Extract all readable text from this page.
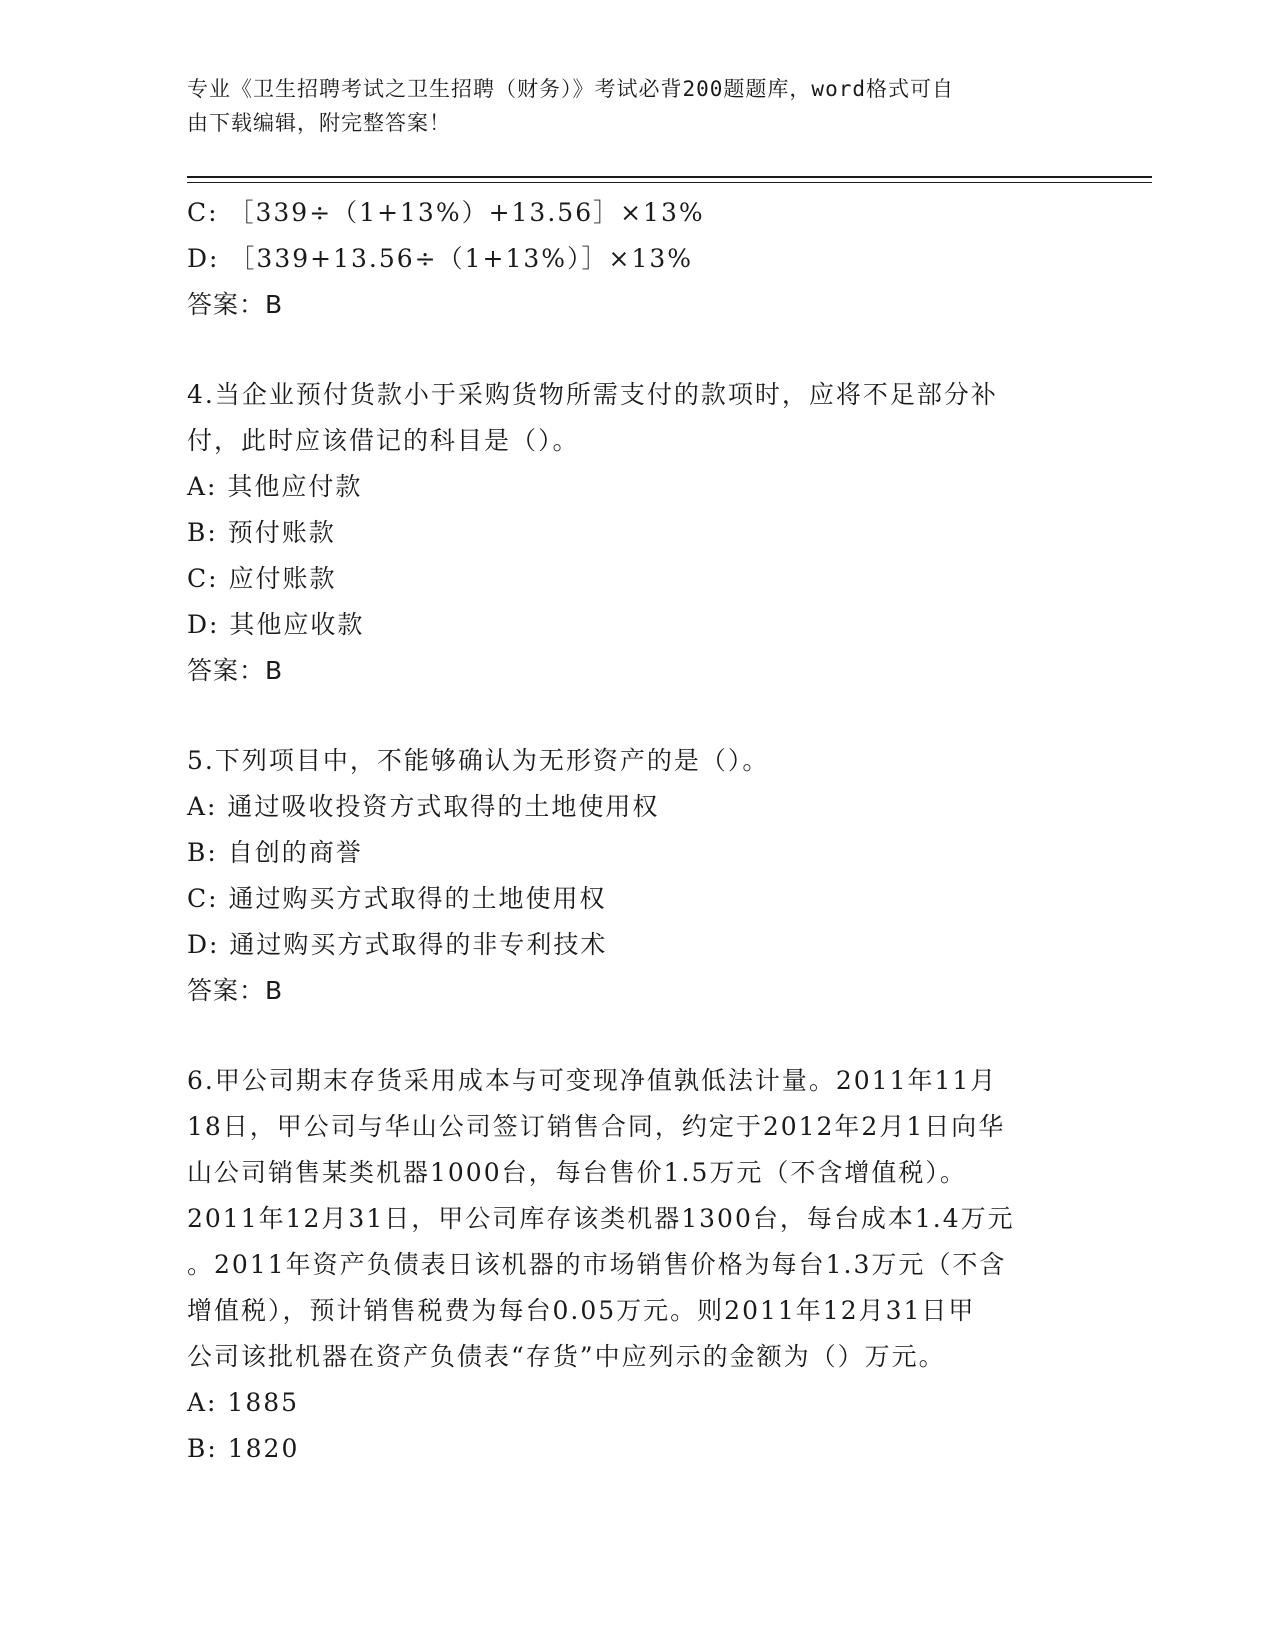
专业《卫生招聘考试之卫生招聘（财务）》考试必背200题题库，word格式可自
由下载编辑，附完整答案！
C: ［339÷（1+13%）+13.56］×13%
D: ［339+13.56÷（1+13%）］×13%
答案：B
4.当企业预付货款小于采购货物所需支付的款项时，应将不足部分补
付，此时应该借记的科目是（）。
A: 其他应付款
B: 预付账款
C: 应付账款
D: 其他应收款
答案：B
5.下列项目中，不能够确认为无形资产的是（）。
A: 通过吸收投资方式取得的土地使用权
B: 自创的商誉
C: 通过购买方式取得的土地使用权
D: 通过购买方式取得的非专利技术
答案：B
6.甲公司期末存货采用成本与可变现净值孰低法计量。2011年11月
18日，甲公司与华山公司签订销售合同，约定于2012年2月1日向华
山公司销售某类机器1000台，每台售价1.5万元（不含增值税）。
2011年12月31日，甲公司库存该类机器1300台，每台成本1.4万元
。2011年资产负债表日该机器的市场销售价格为每台1.3万元（不含
增值税），预计销售税费为每台0.05万元。则2011年12月31日甲
公司该批机器在资产负债表“存货”中应列示的金额为（）万元。
A: 1885
B: 1820
